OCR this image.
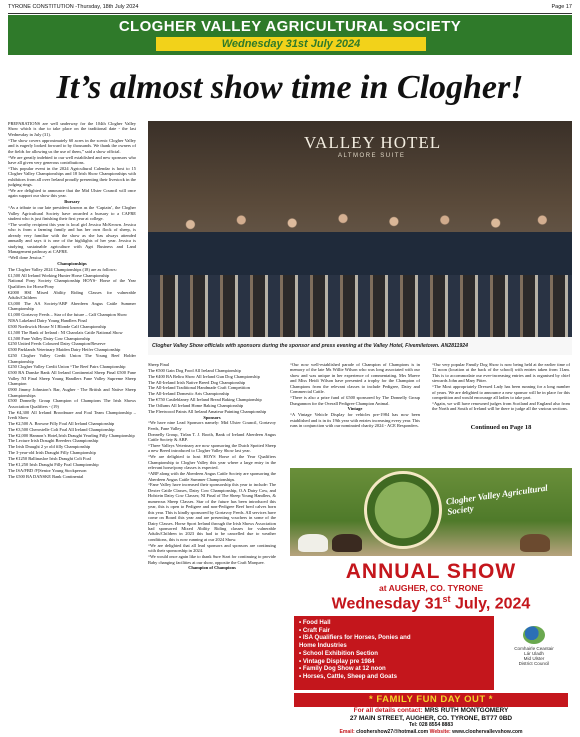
TYRONE CONSTITUTION -Thursday, 18th July 2024	Page 17
CLOGHER VALLEY AGRICULTURAL SOCIETY
Wednesday 31st July 2024
It’s almost show time in Clogher!

PREPARATIONS are well underway for the 104th Clogher Valley Show which is due to take place on the traditional date - the last Wednesday in July (31).

“The show covers approximately 60 acres in the scenic Clogher Valley and is eagerly looked forward to by thousands. We thank the owners of the fields for allowing us the use of them,” said a show official.

“We are greatly indebted to our well established and new sponsors who have all given very generous contributions.

“This popular event in the 2024 Agricultural Calendar is host to 15 Clogher Valley Championships and 18 Irish Show Championships with exhibitors from all over Ireland proudly presenting their livestock in the judging rings.

“We are delighted to announce that the Mid Ulster Council will once again support our show this year.

Bursary

“As a tribute to our late president known as the ‘Captain’, the Clogher Valley Agricultural Society have awarded a bursary to a CAFRE student who is just finishing their first year at college.

“The worthy recipient this year is local girl Jessica McKeown. Jessica who is from a farming family and has her own flock of sheep, is already very familiar with the show as she has always attended annually and says it is one of the highlights of her year. Jessica is studying sustainable agriculture with Agri Business and Land Management pathway at CAFRE.

“Well done Jessica.”

Championships

The Clogher Valley 2024 Championships (18) are as follows:

£1,500 All Ireland Working Hunter Horse Championship

National Pony Society Championship HOYS- Horse of the Year Qualifiers for Horse/Pony

€2000 HSI Mixed Ability Riding Classes for vulnerable Adults/Children

£3,000 The AA Society/ABP Aberdeen Angus Cattle Summer Championship

£1,000 Gortavoy Feeds – Star of the future – Calf Champion Show

NISA Lakeland Dairy Young Handlers Final

£500 Northwick House N I Blonde Calf Championship

£1,500 The Bank of Ireland : NI Charolais Cattle National Show

£1,500 Fane Valley Dairy Cow Championship

£250 United Feeds Coloured Dairy Champion/Reserve

£500 Parklands Veterinary Maiden Dairy Heifer Championship

£250 Clogher Valley Credit Union The Young Beef Holder Championship

£250 Clogher Valley Credit Union “The Beef Pairs Championship

£500 BA Danske Bank All Ireland Continental Sheep Final £500 Fane Valley NI Final Sheep Young Handlers Fane Valley Supreme Sheep Champion

£900 Jimmy Johnston’s Bar, Augher - The British and Native Sheep Championships

£500 Donnelly Group Champion of Champions The Irish Shows Association Qualifiers - (19)

The €4,300 All Ireland Broodmare and Foal Team Championship – Ivedi Show

The €2,500 A. Browne Filly Foal All Ireland Championship

The €3,500 Cherostelle Colt Foal All Ireland Championship

The €2,000 Hannon’s Hotel,Irish Draught Yearling Filly Championship

The Lecture Irish Draught Breeders Championship

The Irish Draught 2 yr old filly Championship

The 3-year-old Irish Draught Filly Championship

The €1250 Ballinasloe Irish Draught Colt Foal

The €1,250 Irish Draught Filly Foal Championship

The ISA/FBD /F]Senior Young Stockperson

The £500 BA DANSKE Bank Continental

VALLEY HOTEL
ALTMORE SUITE
Clogher Valley Show officials with sponsors during the sponsor and press evening at the Valley Hotel, Fivemiletown. AN2811924

Sheep Final

The €500 Gain Dog Food All Ireland Championship

The €400 BA Beltra Show All Ireland Gun Dog Championship

The All-Ireland Irish Native Breed Dog Championship

The All-Ireland Traditional Handmade Craft Competition

The All-Ireland Domestic Arts Championship

The €750 Castleblaney All Ireland Bread Baking Championship

The Odlums All Ireland Home Baking Championship

The Fleetwood Paints All Ireland Amateur Painting Championship

Sponsors

“We have nine Lead Sponsors namely: Mid Ulster Council, Gortavoy Feeds, Fane Valley

Donnelly Group, Tirlan T. J. Booth, Bank of Ireland Aberdeen Angus Cattle Society & ABP.

“Three Valleys Veterinary are now sponsoring the Dutch Spotted Sheep a new Breed introduced to Clogher Valley Show last year.

“We are delighted to host HOYS Horse of the Year Qualifiers Championship to Clogher Valley this year where a large entry in the relevant horse/pony classes is expected.

“ABP along with the Aberdeen Angus Cattle Society are sponsoring the Aberdeen Angus Cattle Summer Championships.

“Fane Valley have increased their sponsorship this year to include: The Dexter Cattle Classes, Dairy Cow Championship, O.A Dairy Cow, and Holstein Dairy Cow Classes; NI Final of The Sheep Young Handlers, & numerous Sheep Classes. Star of the future has been introduced this year, this is open to Pedigree and non-Pedigree Beef bred calves born this year. This is kindly sponsored by Gortavoy Feeds. All services have come on Board this year and are presenting vouchers in some of the Dairy Classes. Horse Sport Ireland through the Irish Shows Association had sponsored Mixed Ability Riding classes for vulnerable Adults/Children in 2023 this had to be cancelled due to weather conditions, this is now running at our 2024 Show.

“We are delighted that all lead sponsors and sponsors are continuing with their sponsorship in 2024.

“We would once again like to thank Sure Start for continuing to provide Baby changing facilities at our show, opposite the Craft Marquee.

Champion of Champions

“Our now well-established parade of Champion of Champions is in memory of the late Ms Willie Wilson who was long associated with our show and was unique in her experience of commentating. Mrs Maeve and Miss Heidi Wilson have presented a trophy for the Champion of Champions from the relevant classes to include Pedigree, Dairy and Commercial Cattle.

“There is also a prize fund of £500 sponsored by The Donnelly Group Dungannon for the Overall Pedigree Champion Animal.

Vintage

“A Vintage Vehicle Display for vehicles pre-1984 has now been established and is in its 19th year with entries increasing every year. This runs in conjunction with our nominated charity 2024 - ACE Responders.

“Our very popular Family Dog Show is now being held at the earlier time of 12 noon (location at the back of the school) with entries taken from 11am. This is to accommodate our ever-increasing entries and is organised by chief stewards John and Mary Pitter.

“The Most appropriately Dressed Lady has been running for a long number of years. We are delighted to announce a new sponsor will be in place for this competition and would encourage all ladies to take part.

“Again, we will have renowned judges from Scotland and England also from the North and South of Ireland will be there to judge all the various sections.

Continued on Page 18
Clogher Valley Agricultural Society
ANNUAL SHOW
at AUGHER, CO. TYRONE
Wednesday 31st July, 2024
• Food Hall
• Craft Fair
• ISA Qualifiers for Horses, Ponies and
Home Industries
• School Exhibition Section
• Vintage Display pre 1984
• Family Dog Show at 12 noon
• Horses, Cattle, Sheep and Goats
Comhairle Ceantair
Lár Uladh
Mid Ulster
District Council
* FAMILY FUN DAY OUT *
For all details contact: MRS RUTH MONTGOMERY
27 MAIN STREET, AUGHER, CO. TYRONE, BT77 0BD
Tel: 028 8554 8883
Email: cloghershow27@hotmail.com Website: www.cloghervalleyshow.com
